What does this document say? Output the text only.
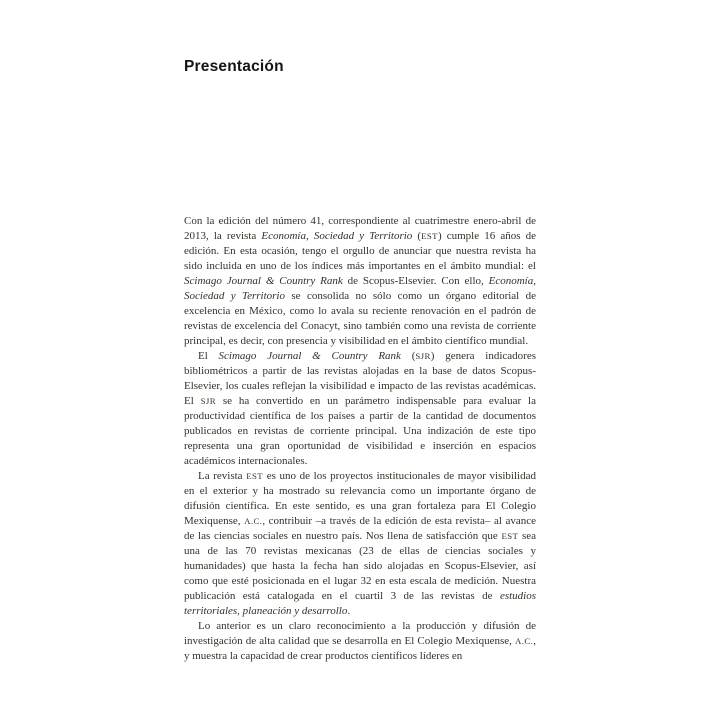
Presentación

Con la edición del número 41, correspondiente al cuatrimestre enero-abril de 2013, la revista Economía, Sociedad y Territorio (EST) cumple 16 años de edición. En esta ocasión, tengo el orgullo de anunciar que nuestra revista ha sido incluida en uno de los índices más importantes en el ámbito mundial: el Scimago Journal & Country Rank de Scopus-Elsevier. Con ello, Economía, Sociedad y Territorio se consolida no sólo como un órgano editorial de excelencia en México, como lo avala su reciente renovación en el padrón de revistas de excelencia del Conacyt, sino también como una revista de corriente principal, es decir, con presencia y visibilidad en el ámbito científico mundial.

El Scimago Journal & Country Rank (SJR) genera indicadores bibliométricos a partir de las revistas alojadas en la base de datos Scopus-Elsevier, los cuales reflejan la visibilidad e impacto de las revistas académicas. El SJR se ha convertido en un parámetro indispensable para evaluar la productividad científica de los países a partir de la cantidad de documentos publicados en revistas de corriente principal. Una indización de este tipo representa una gran oportunidad de visibilidad e inserción en espacios académicos internacionales.

La revista EST es uno de los proyectos institucionales de mayor visibilidad en el exterior y ha mostrado su relevancia como un importante órgano de difusión científica. En este sentido, es una gran fortaleza para El Colegio Mexiquense, A.C., contribuir –a través de la edición de esta revista– al avance de las ciencias sociales en nuestro país. Nos llena de satisfacción que EST sea una de las 70 revistas mexicanas (23 de ellas de ciencias sociales y humanidades) que hasta la fecha han sido alojadas en Scopus-Elsevier, así como que esté posicionada en el lugar 32 en esta escala de medición. Nuestra publicación está catalogada en el cuartil 3 de las revistas de estudios territoriales, planeación y desarrollo.

Lo anterior es un claro reconocimiento a la producción y difusión de investigación de alta calidad que se desarrolla en El Colegio Mexiquense, A.C., y muestra la capacidad de crear productos científicos líderes en
